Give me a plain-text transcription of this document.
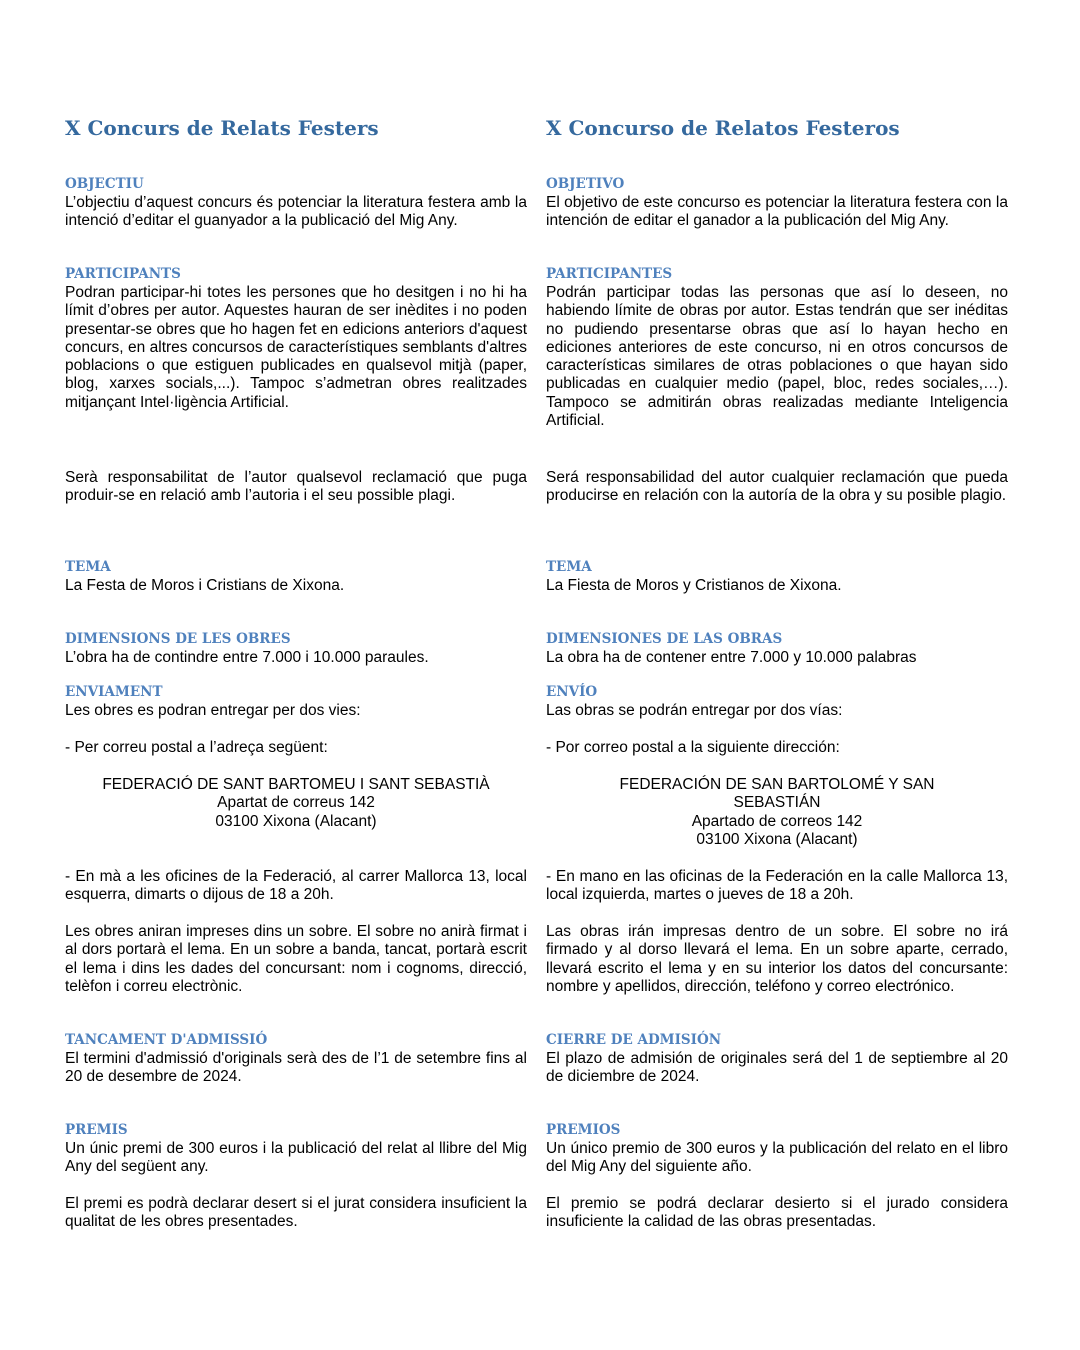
X Concurs de Relats Festers
OBJECTIU
L’objectiu d’aquest concurs és potenciar la literatura festera amb la intenció d’editar el guanyador a la publicació del Mig Any.
PARTICIPANTS
Podran participar-hi totes les persones que ho desitgen i no hi ha límit d’obres per autor. Aquestes hauran de ser inèdites i no poden presentar-se obres que ho hagen fet en edicions anteriors d'aquest concurs, en altres concursos de característiques semblants d'altres poblacions o que estiguen publicades en qualsevol mitjà (paper, blog, xarxes socials,...). Tampoc s’admetran obres realitzades mitjançant Intel·ligència Artificial.
Serà responsabilitat de l’autor qualsevol reclamació que puga produir-se en relació amb l’autoria i el seu possible plagi.
TEMA
La Festa de Moros i Cristians de Xixona.
DIMENSIONS DE LES OBRES
L’obra ha de contindre entre 7.000 i 10.000 paraules.
ENVIAMENT
Les obres es podran entregar per dos vies:
- Per correu postal a l’adreça següent:
FEDERACIÓ DE SANT BARTOMEU I SANT SEBASTIÀ
Apartat de correus 142
03100 Xixona (Alacant)
- En mà a les oficines de la Federació, al carrer Mallorca 13, local esquerra, dimarts o dijous de 18 a 20h.
Les obres aniran impreses dins un sobre. El sobre no anirà firmat i al dors portarà el lema. En un sobre a banda, tancat, portarà escrit el lema i dins les dades del concursant: nom i cognoms, direcció, telèfon i correu electrònic.
TANCAMENT D'ADMISSIÓ
El termini d'admissió d'originals serà des de l’1 de setembre fins al 20 de desembre de 2024.
PREMIS
Un únic premi de 300 euros i la publicació del relat al llibre del Mig Any del següent any.
El premi es podrà declarar desert si el jurat considera insuficient la qualitat de les obres presentades.
X Concurso de Relatos Festeros
OBJETIVO
El objetivo de este concurso es potenciar la literatura festera con la intención de editar el ganador a la publicación del Mig Any.
PARTICIPANTES
Podrán participar todas las personas que así lo deseen, no habiendo límite de obras por autor. Estas tendrán que ser inéditas no pudiendo presentarse obras que así lo hayan hecho en ediciones anteriores de este concurso, ni en otros concursos de características similares de otras poblaciones o que hayan sido publicadas en cualquier medio (papel, bloc, redes sociales,…). Tampoco se admitirán obras realizadas mediante Inteligencia Artificial.
Será responsabilidad del autor cualquier reclamación que pueda producirse en relación con la autoría de la obra y su posible plagio.
TEMA
La Fiesta de Moros y Cristianos de Xixona.
DIMENSIONES DE LAS OBRAS
La obra ha de contener entre 7.000 y 10.000 palabras
ENVÍO
Las obras se podrán entregar por dos vías:
- Por correo postal a la siguiente dirección:
FEDERACIÓN DE SAN BARTOLOMÉ Y SAN
SEBASTIÁN
Apartado de correos 142
03100 Xixona (Alacant)
- En mano en las oficinas de la Federación en la calle Mallorca 13, local izquierda, martes o jueves de 18 a 20h.
Las obras irán impresas dentro de un sobre. El sobre no irá firmado y al dorso llevará el lema. En un sobre aparte, cerrado, llevará escrito el lema y en su interior los datos del concursante: nombre y apellidos, dirección, teléfono y correo electrónico.
CIERRE DE ADMISIÓN
El plazo de admisión de originales será del 1 de septiembre al 20 de diciembre de 2024.
PREMIOS
Un único premio de 300 euros y la publicación del relato en el libro del Mig Any del siguiente año.
El premio se podrá declarar desierto si el jurado considera insuficiente la calidad de las obras presentadas.
